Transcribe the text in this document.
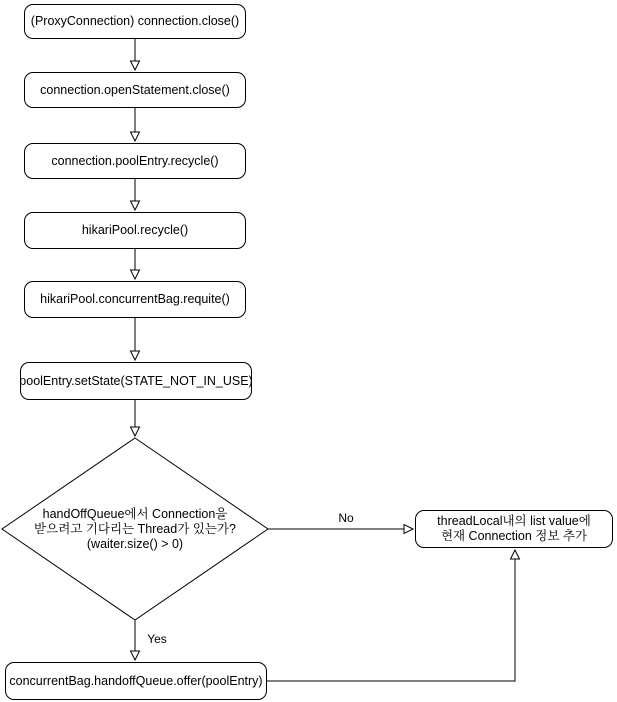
(ProxyConnection) connection.close()
connection.openStatement.close()
connection.poolEntry.recycle()
hikariPool.recycle()
hikariPool.concurrentBag.requite()
poolEntry.setState(STATE_NOT_IN_USE)
handOffQueue에서 Connection을
받으려고 기다리는 Thread가 있는가?
(waiter.size() > 0)
threadLocal내의 list value에
현재 Connection 정보 추가
concurrentBag.handoffQueue.offer(poolEntry)
No
Yes
